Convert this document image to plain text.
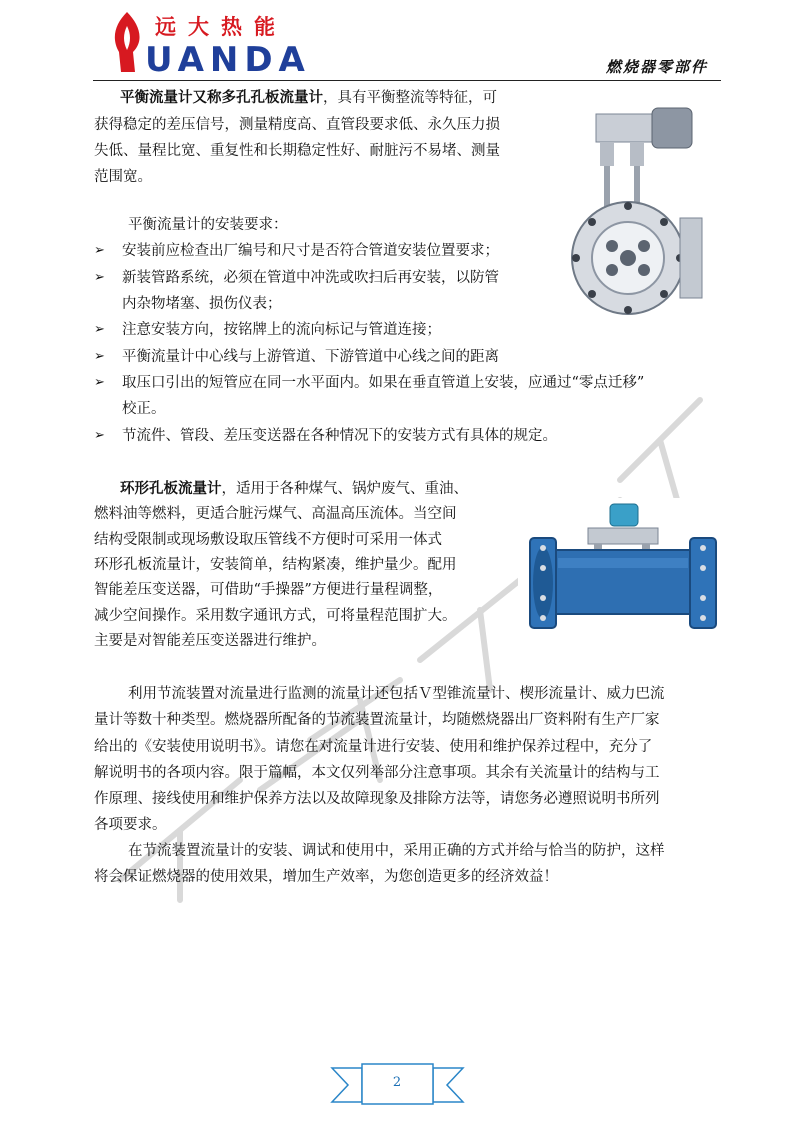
远大热能
UANDA	燃烧器零部件

平衡流量计又称多孔孔板流量计，具有平衡整流等特征，可

获得稳定的差压信号，测量精度高、直管段要求低、永久压力损

失低、量程比宽、重复性和长期稳定性好、耐脏污不易堵、测量

范围宽。

平衡流量计的安装要求：

➢ 安装前应检查出厂编号和尺寸是否符合管道安装位置要求；

➢ 新装管路系统，必须在管道中冲洗或吹扫后再安装，以防管

内杂物堵塞、损伤仪表；

➢ 注意安装方向，按铭牌上的流向标记与管道连接；

➢ 平衡流量计中心线与上游管道、下游管道中心线之间的距离

➢ 取压口引出的短管应在同一水平面内。如果在垂直管道上安装，应通过“零点迁移”

校正。

➢ 节流件、管段、差压变送器在各种情况下的安装方式有具体的规定。

环形孔板流量计，适用于各种煤气、锅炉废气、重油、

燃料油等燃料，更适合脏污煤气、高温高压流体。当空间

结构受限制或现场敷设取压管线不方便时可采用一体式

环形孔板流量计，安装简单，结构紧凑，维护量少。配用

智能差压变送器，可借助“手操器”方便进行量程调整，

减少空间操作。采用数字通讯方式，可将量程范围扩大。

主要是对智能差压变送器进行维护。

利用节流装置对流量进行监测的流量计还包括Ｖ型锥流量计、楔形流量计、威力巴流

量计等数十种类型。燃烧器所配备的节流装置流量计，均随燃烧器出厂资料附有生产厂家

给出的《安装使用说明书》。请您在对流量计进行安装、使用和维护保养过程中，充分了

解说明书的各项内容。限于篇幅，本文仅列举部分注意事项。其余有关流量计的结构与工

作原理、接线使用和维护保养方法以及故障现象及排除方法等，请您务必遵照说明书所列

各项要求。

在节流装置流量计的安装、调试和使用中，采用正确的方式并给与恰当的防护，这样

将会保证燃烧器的使用效果，增加生产效率，为您创造更多的经济效益！

2
